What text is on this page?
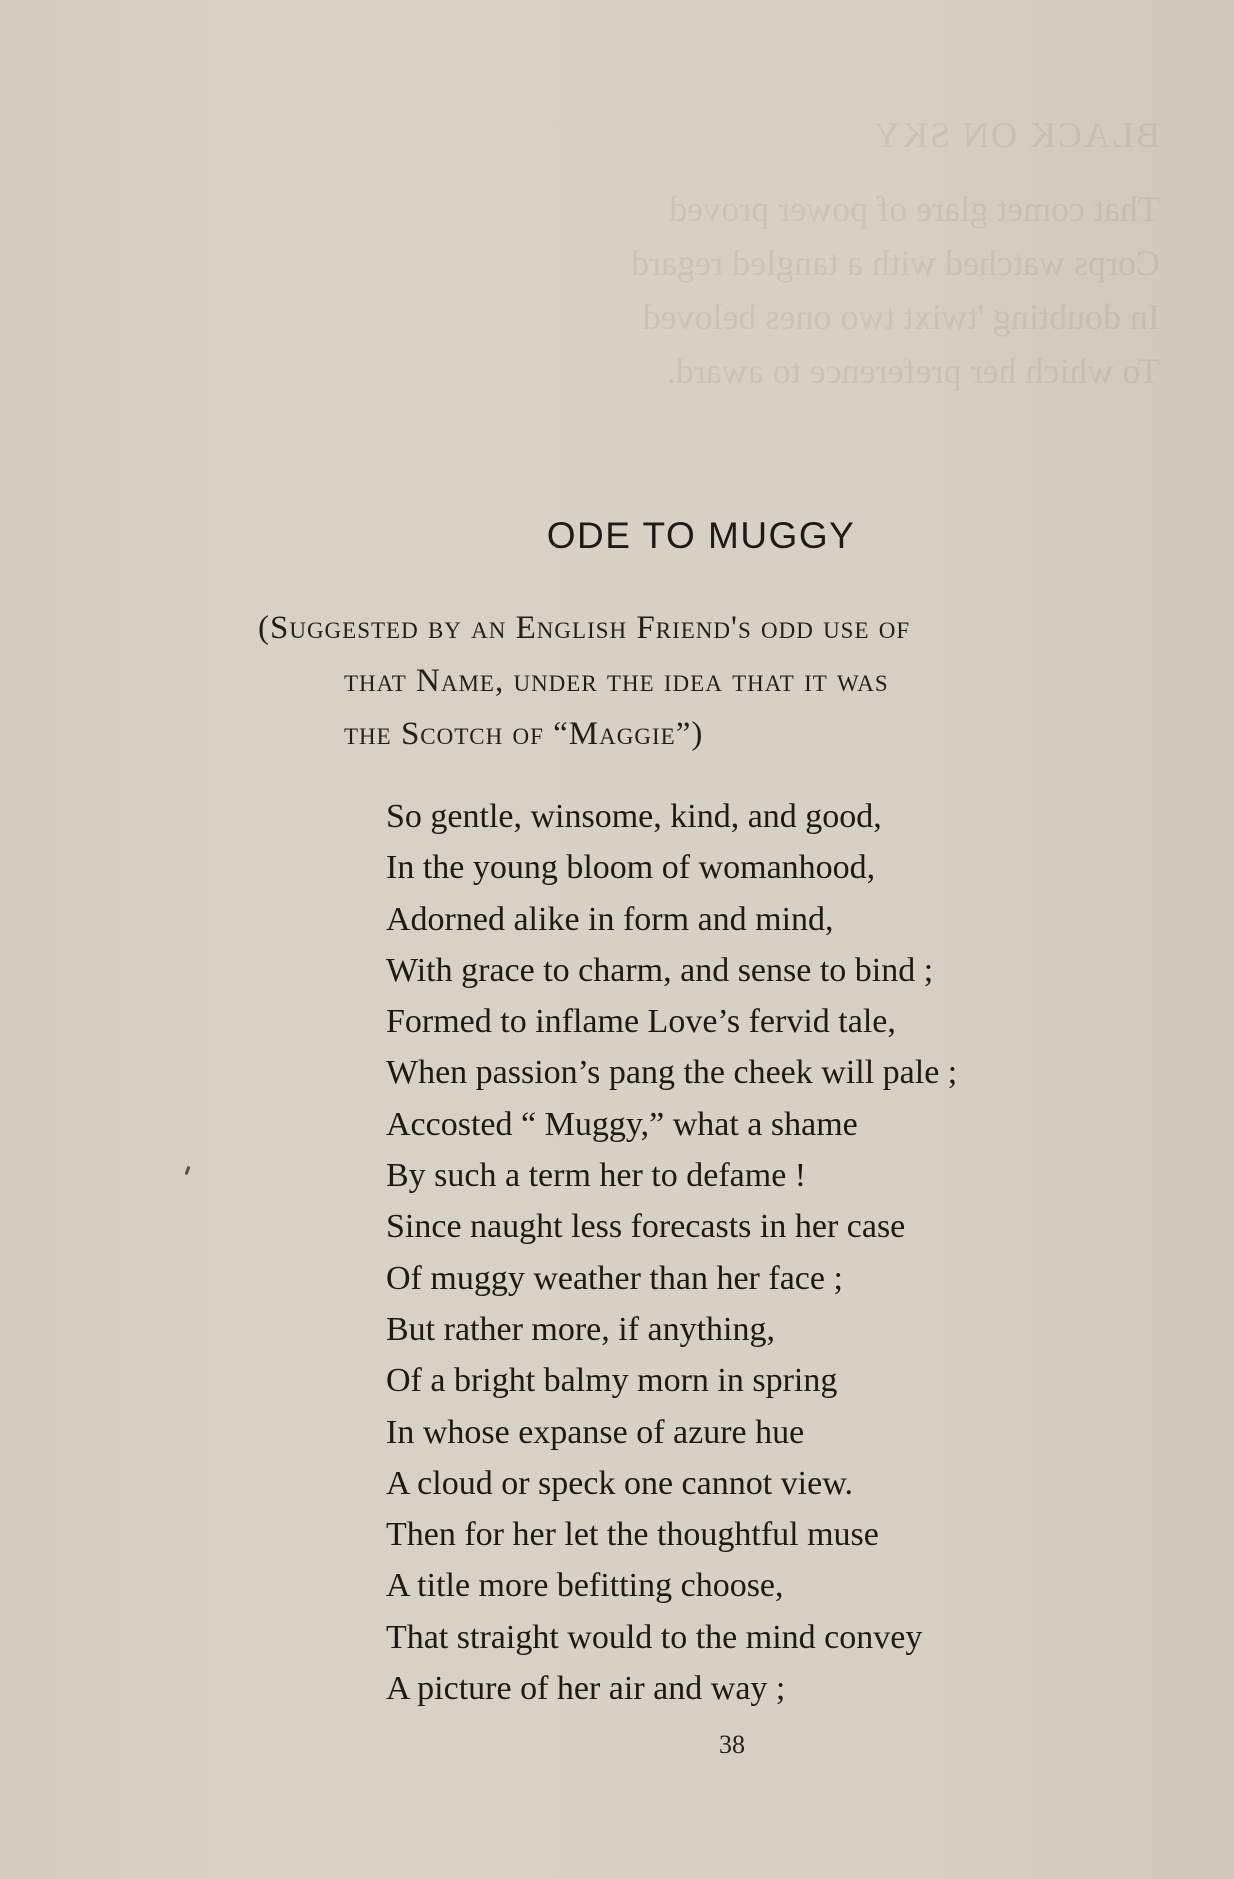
BLACK ON SKY
That comet glare of power proved
Corps watched with a tangled regard
In doubting 'twixt two ones beloved
To which her preference to award.
ODE TO MUGGY
(Suggested by an English Friend's odd use of
that Name, under the idea that it was
the Scotch of “Maggie”)
So gentle, winsome, kind, and good,
In the young bloom of womanhood,
Adorned alike in form and mind,
With grace to charm, and sense to bind ;
Formed to inflame Love’s fervid tale,
When passion’s pang the cheek will pale ;
Accosted “ Muggy,” what a shame
By such a term her to defame !
Since naught less forecasts in her case
Of muggy weather than her face ;
But rather more, if anything,
Of a bright balmy morn in spring
In whose expanse of azure hue
A cloud or speck one cannot view.
Then for her let the thoughtful muse
A title more befitting choose,
That straight would to the mind convey
A picture of her air and way ;
38
